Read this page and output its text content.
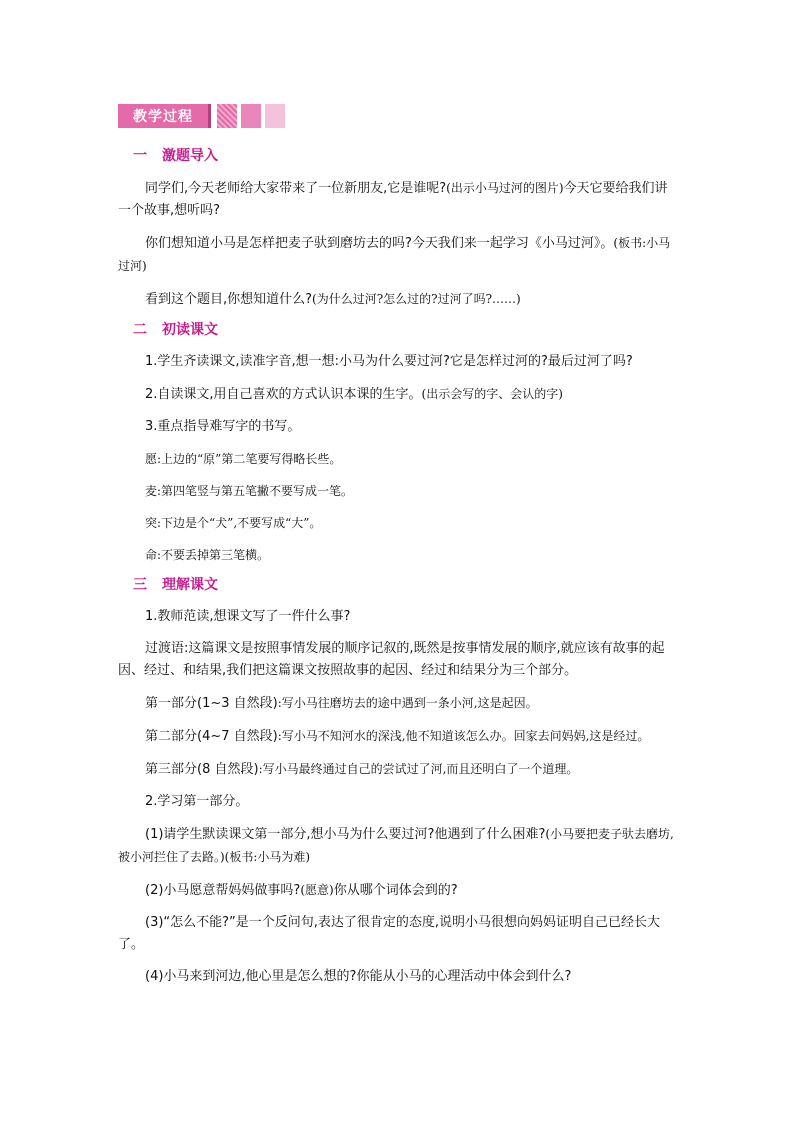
教学过程
一	激题导入

同学们,今天老师给大家带来了一位新朋友,它是谁呢?(出示小马过河的图片)今天它要给我们讲一个故事,想听吗?

你们想知道小马是怎样把麦子驮到磨坊去的吗?今天我们来一起学习《小马过河》。(板书:小马过河)

看到这个题目,你想知道什么?(为什么过河?怎么过的?过河了吗?……)

二	初读课文

1.学生齐读课文,读准字音,想一想:小马为什么要过河?它是怎样过河的?最后过河了吗?

2.自读课文,用自己喜欢的方式认识本课的生字。(出示会写的字、会认的字)

3.重点指导难写字的书写。

愿:上边的“原”第二笔要写得略长些。

麦:第四笔竖与第五笔撇不要写成一笔。

突:下边是个“犬”,不要写成“大”。

命:不要丢掉第三笔横。

三	理解课文

1.教师范读,想课文写了一件什么事?

过渡语:这篇课文是按照事情发展的顺序记叙的,既然是按事情发展的顺序,就应该有故事的起因、经过、和结果,我们把这篇课文按照故事的起因、经过和结果分为三个部分。

第一部分(1~3 自然段):写小马往磨坊去的途中遇到一条小河,这是起因。

第二部分(4~7 自然段):写小马不知河水的深浅,他不知道该怎么办。回家去问妈妈,这是经过。

第三部分(8 自然段):写小马最终通过自己的尝试过了河,而且还明白了一个道理。

2.学习第一部分。

(1)请学生默读课文第一部分,想小马为什么要过河?他遇到了什么困难?(小马要把麦子驮去磨坊,被小河拦住了去路。)(板书:小马为难)

(2)小马愿意帮妈妈做事吗?(愿意)你从哪个词体会到的?

(3)“怎么不能?”是一个反问句,表达了很肯定的态度,说明小马很想向妈妈证明自己已经长大了。

(4)小马来到河边,他心里是怎么想的?你能从小马的心理活动中体会到什么?
